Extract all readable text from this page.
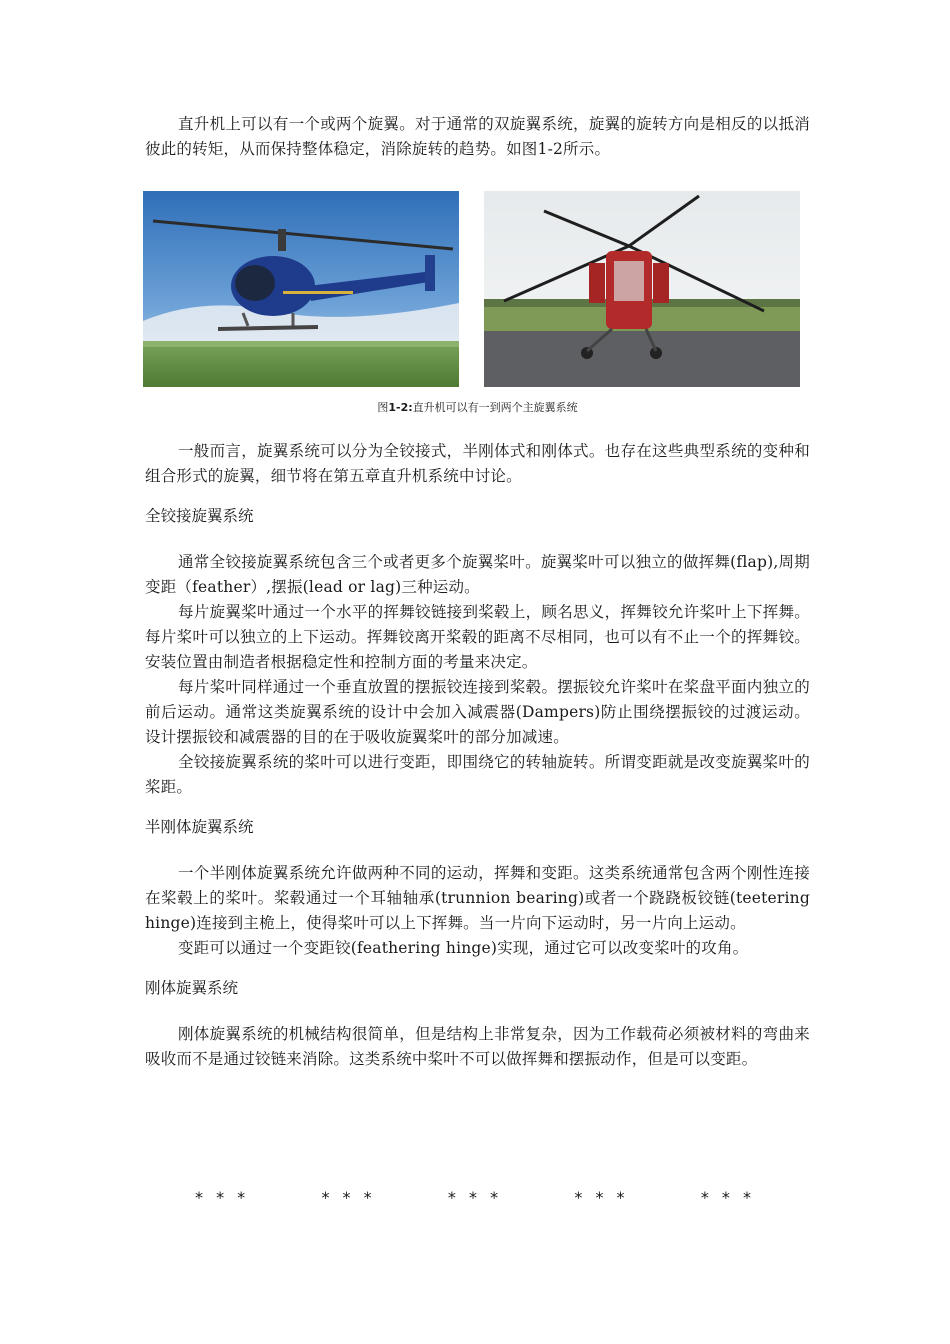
直升机上可以有一个或两个旋翼。对于通常的双旋翼系统，旋翼的旋转方向是相反的以抵消彼此的转矩，从而保持整体稳定，消除旋转的趋势。如图1-2所示。

图1-2:直升机可以有一到两个主旋翼系统

一般而言，旋翼系统可以分为全铰接式，半刚体式和刚体式。也存在这些典型系统的变种和组合形式的旋翼，细节将在第五章直升机系统中讨论。

全铰接旋翼系统

通常全铰接旋翼系统包含三个或者更多个旋翼桨叶。旋翼桨叶可以独立的做挥舞(flap),周期变距（feather）,摆振(lead or lag)三种运动。

每片旋翼桨叶通过一个水平的挥舞铰链接到桨毂上，顾名思义，挥舞铰允许桨叶上下挥舞。每片桨叶可以独立的上下运动。挥舞铰离开桨毂的距离不尽相同，也可以有不止一个的挥舞铰。安装位置由制造者根据稳定性和控制方面的考量来决定。

每片桨叶同样通过一个垂直放置的摆振铰连接到桨毂。摆振铰允许桨叶在桨盘平面内独立的前后运动。通常这类旋翼系统的设计中会加入减震器(Dampers)防止围绕摆振铰的过渡运动。设计摆振铰和减震器的目的在于吸收旋翼桨叶的部分加减速。

全铰接旋翼系统的桨叶可以进行变距，即围绕它的转轴旋转。所谓变距就是改变旋翼桨叶的桨距。

半刚体旋翼系统

一个半刚体旋翼系统允许做两种不同的运动，挥舞和变距。这类系统通常包含两个刚性连接在桨毂上的桨叶。桨毂通过一个耳轴轴承(trunnion bearing)或者一个跷跷板铰链(teetering hinge)连接到主桅上，使得桨叶可以上下挥舞。当一片向下运动时，另一片向上运动。

变距可以通过一个变距铰(feathering hinge)实现，通过它可以改变桨叶的攻角。

刚体旋翼系统

刚体旋翼系统的机械结构很简单，但是结构上非常复杂，因为工作载荷必须被材料的弯曲来吸收而不是通过铰链来消除。这类系统中桨叶不可以做挥舞和摆振动作，但是可以变距。

* * *	* * *	* * *	* * *	* * *
